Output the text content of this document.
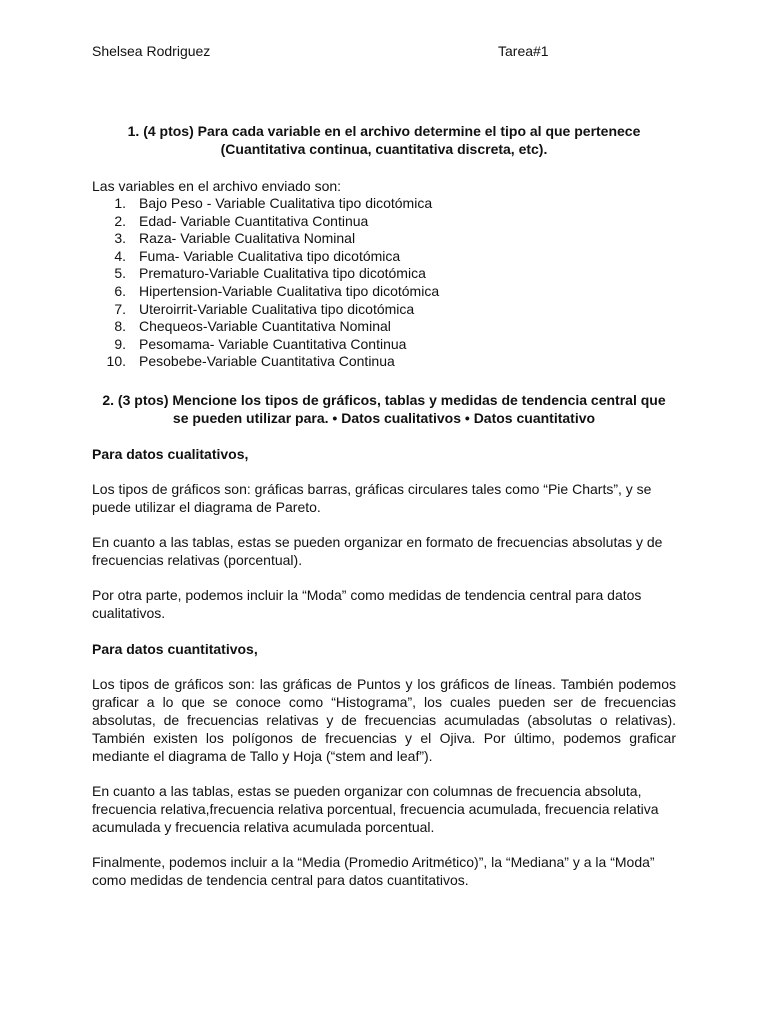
Shelsea Rodriguez	Tarea#1

1. (4 ptos) Para cada variable en el archivo determine el tipo al que pertenece (Cuantitativa continua, cuantitativa discreta, etc).

Las variables en el archivo enviado son:

1. Bajo Peso - Variable Cualitativa tipo dicotómica
2. Edad- Variable Cuantitativa Continua
3. Raza- Variable Cualitativa Nominal
4. Fuma- Variable Cualitativa tipo dicotómica
5. Prematuro-Variable Cualitativa tipo dicotómica
6. Hipertension-Variable Cualitativa tipo dicotómica
7. Uteroirrit-Variable Cualitativa tipo dicotómica
8. Chequeos-Variable Cuantitativa Nominal
9. Pesomama- Variable Cuantitativa Continua
10. Pesobebe-Variable Cuantitativa Continua

2. (3 ptos) Mencione los tipos de gráficos, tablas y medidas de tendencia central que se pueden utilizar para. • Datos cualitativos • Datos cuantitativo

Para datos cualitativos,

Los tipos de gráficos son: gráficas barras, gráficas circulares tales como “Pie Charts”, y se puede utilizar el diagrama de Pareto.

En cuanto a las tablas, estas se pueden organizar en formato de frecuencias absolutas y de frecuencias relativas (porcentual).

Por otra parte, podemos incluir la “Moda” como medidas de tendencia central para datos cualitativos.

Para datos cuantitativos,

Los tipos de gráficos son: las gráficas de Puntos y los gráficos de líneas. También podemos graficar a lo que se conoce como “Histograma”, los cuales pueden ser de frecuencias absolutas, de frecuencias relativas y de frecuencias acumuladas (absolutas o relativas). También existen los polígonos de frecuencias y el Ojiva. Por último, podemos graficar mediante el diagrama de Tallo y Hoja (“stem and leaf”).

En cuanto a las tablas, estas se pueden organizar con columnas de frecuencia absoluta, frecuencia relativa,frecuencia relativa porcentual, frecuencia acumulada, frecuencia relativa acumulada y frecuencia relativa acumulada porcentual.

Finalmente, podemos incluir a la “Media (Promedio Aritmético)”, la “Mediana” y a la “Moda” como medidas de tendencia central para datos cuantitativos.
